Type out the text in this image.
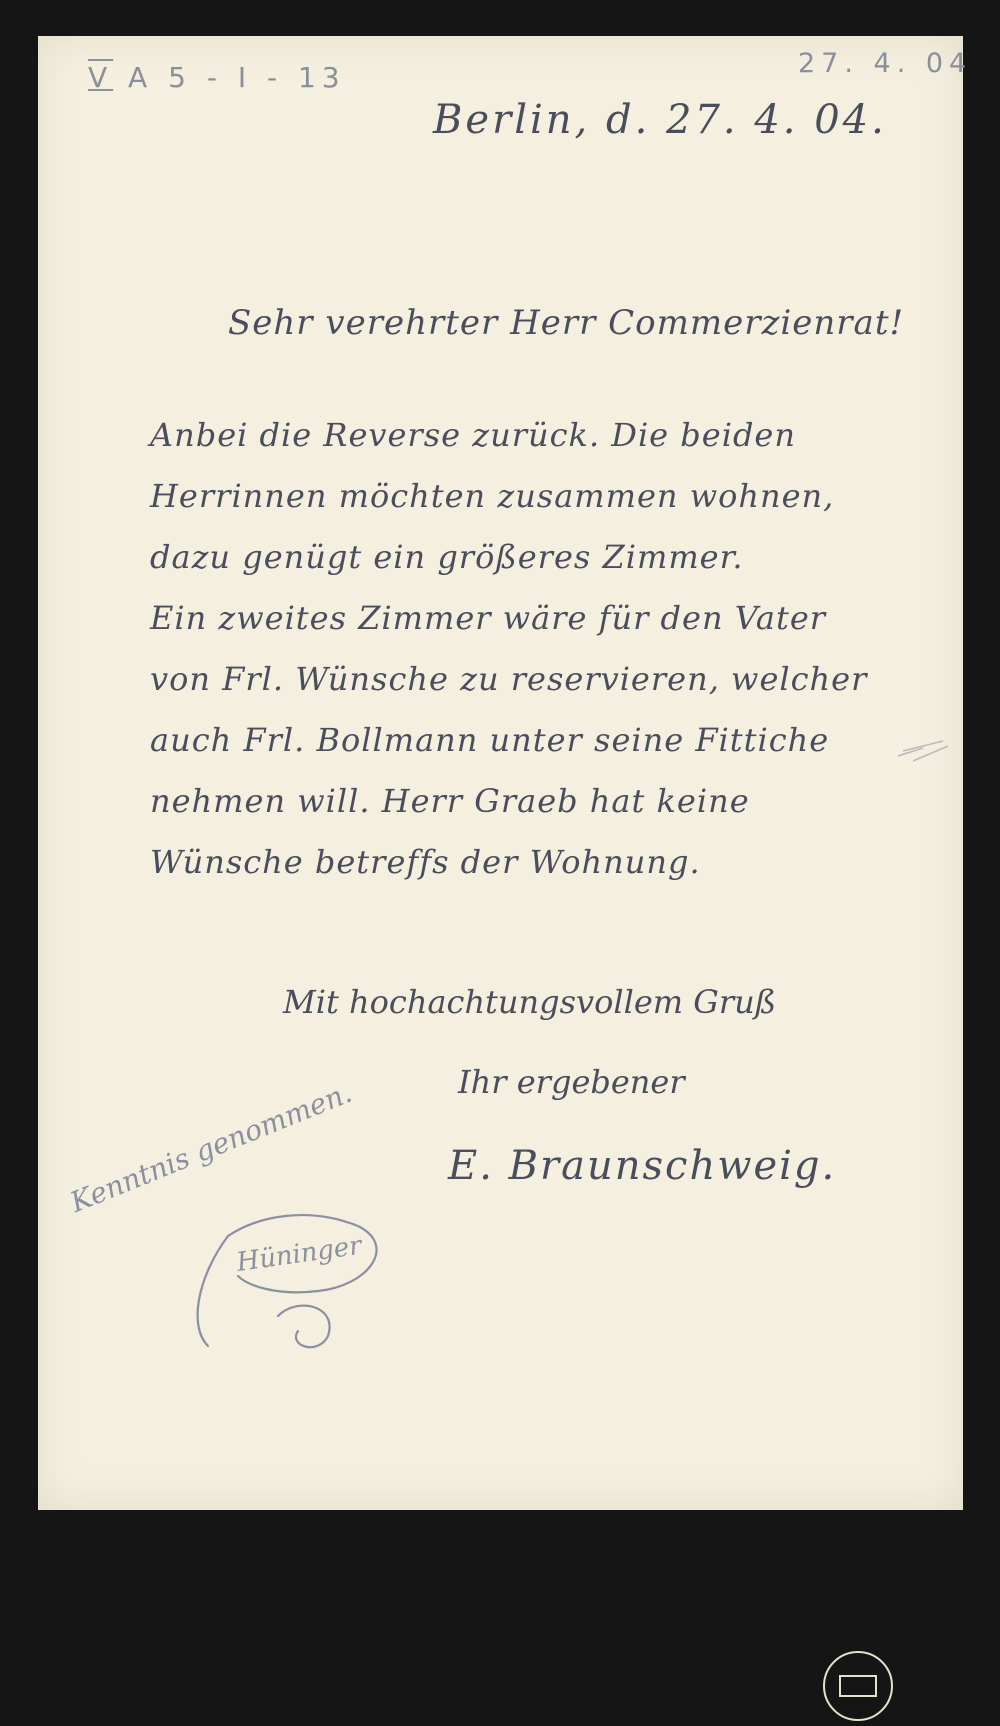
V A 5 - I - 13	27. 4. 04
Berlin, d. 27. 4. 04.
Sehr verehrter Herr Commerzienrat!
Anbei die Reverse zurück. Die beiden
Herrinnen möchten zusammen wohnen,
dazu genügt ein größeres Zimmer.
Ein zweites Zimmer wäre für den Vater
von Frl. Wünsche zu reservieren, welcher
auch Frl. Bollmann unter seine Fittiche
nehmen will. Herr Graeb hat keine
Wünsche betreffs der Wohnung.
Mit hochachtungsvollem Gruß
Ihr ergebener
E. Braunschweig.
Kenntnis genommen.
Hüninger
